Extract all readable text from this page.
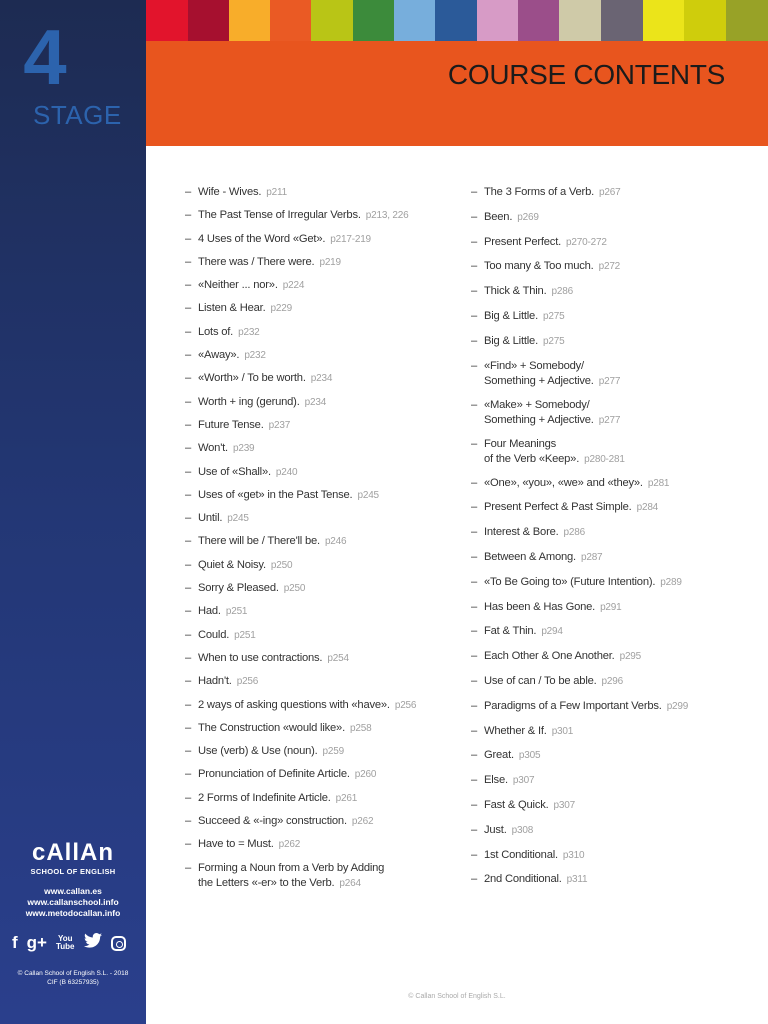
4
STAGE
cAllAn
SCHOOL OF ENGLISH
www.callan.es
www.callanschool.info
www.metodocallan.info
f g+ You
Tube
© Callan School of English S.L. - 2018
CIF (B 63257935)
COURSE CONTENTS
– Wife - Wives. p211
– The Past Tense of Irregular Verbs. p213, 226
– 4 Uses of the Word «Get». p217-219
– There was / There were. p219
– «Neither ... nor». p224
– Listen & Hear. p229
– Lots of. p232
– «Away». p232
– «Worth» / To be worth. p234
– Worth + ing (gerund). p234
– Future Tense. p237
– Won't. p239
– Use of «Shall». p240
– Uses of «get» in the Past Tense. p245
– Until. p245
– There will be / There'll be. p246
– Quiet & Noisy. p250
– Sorry & Pleased. p250
– Had. p251
– Could. p251
– When to use contractions. p254
– Hadn't. p256
– 2 ways of asking questions with «have». p256
– The Construction «would like». p258
– Use (verb) & Use (noun). p259
– Pronunciation of Definite Article. p260
– 2 Forms of Indefinite Article. p261
– Succeed & «-ing» construction. p262
– Have to = Must. p262
– Forming a Noun from a Verb by Adding
the Letters «-er» to the Verb. p264
– The 3 Forms of a Verb. p267
– Been. p269
– Present Perfect. p270-272
– Too many & Too much. p272
– Thick & Thin. p286
– Big & Little. p275
– Big & Little. p275
– «Find» + Somebody/
Something + Adjective. p277
– «Make» + Somebody/
Something + Adjective. p277
– Four Meanings
of the Verb «Keep». p280-281
– «One», «you», «we» and «they». p281
– Present Perfect & Past Simple. p284
– Interest & Bore. p286
– Between & Among. p287
– «To Be Going to» (Future Intention). p289
– Has been & Has Gone. p291
– Fat & Thin. p294
– Each Other & One Another. p295
– Use of can / To be able. p296
– Paradigms of a Few Important Verbs. p299
– Whether & If. p301
– Great. p305
– Else. p307
– Fast & Quick. p307
– Just. p308
– 1st Conditional. p310
– 2nd Conditional. p311
© Callan School of English S.L.
